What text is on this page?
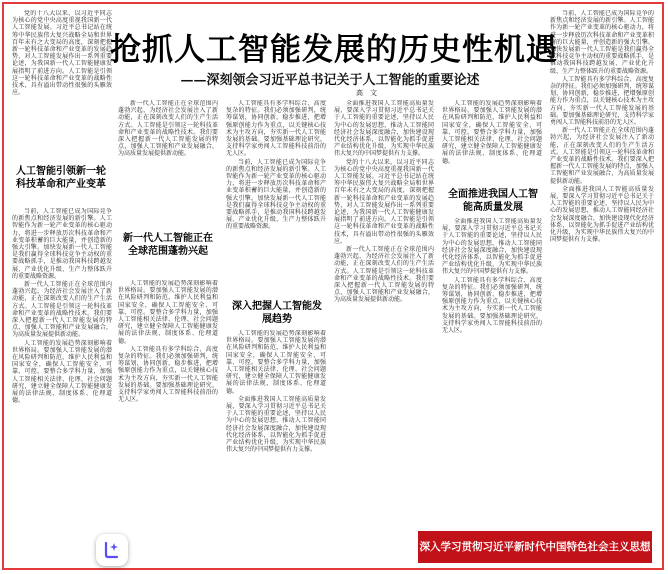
抢抓人工智能发展的历史性机遇
——深刻领会习近平总书记关于人工智能的重要论述
高　文

党的十八大以来，以习近平同志为核心的党中央高度重视我国新一代人工智能发展。习近平总书记站在统筹中华民族伟大复兴战略全局和世界百年未有之大变局的高度，深刻把握新一轮科技革命和产业变革的发展趋势，对人工智能发展作出一系列重要论述，为我国新一代人工智能健康发展指明了前进方向。人工智能是引领这一轮科技革命和产业变革的战略性技术，具有溢出带动性很强的头雁效应。

人工智能引领新一轮科技革命和产业变革

当前，人工智能已成为国际竞争的新焦点和经济发展的新引擎。人工智能作为新一轮产业变革的核心驱动力，将进一步释放历次科技革命和产业变革积蓄的巨大能量，并创造新的强大引擎。加快发展新一代人工智能是我们赢得全球科技竞争主动权的重要战略抓手，是推动我国科技跨越发展、产业优化升级、生产力整体跃升的重要战略资源。

新一代人工智能正在全球范围内蓬勃兴起，为经济社会发展注入了新动能，正在深刻改变人们的生产生活方式。人工智能是引领这一轮科技革命和产业变革的战略性技术。我们要深入把握新一代人工智能发展的特点，加强人工智能和产业发展融合，为高质量发展提供新动能。

人工智能的发展趋势深刻影响着世界格局。要加强人工智能发展的潜在风险研判和防范，维护人民利益和国家安全，确保人工智能安全、可靠、可控。要整合多学科力量，加强人工智能相关法律、伦理、社会问题研究，建立健全保障人工智能健康发展的法律法规、制度体系、伦理道德。

新一代人工智能正在全球范围内蓬勃兴起，为经济社会发展注入了新动能，正在深刻改变人们的生产生活方式。人工智能是引领这一轮科技革命和产业变革的战略性技术。我们要深入把握新一代人工智能发展的特点，加强人工智能和产业发展融合，为高质量发展提供新动能。

新一代人工智能正在全球范围蓬勃兴起

人工智能的发展趋势深刻影响着世界格局。要加强人工智能发展的潜在风险研判和防范，维护人民利益和国家安全，确保人工智能安全、可靠、可控。要整合多学科力量，加强人工智能相关法律、伦理、社会问题研究，建立健全保障人工智能健康发展的法律法规、制度体系、伦理道德。

人工智能具有多学科综合、高度复杂的特征。我们必须加强研判，统筹谋划，协同创新，稳步推进，把增强原创能力作为重点，以关键核心技术为主攻方向，夯实新一代人工智能发展的基础。要加强基础理论研究，支持科学家勇闯人工智能科技前沿的无人区。

人工智能具有多学科综合、高度复杂的特征。我们必须加强研判，统筹谋划，协同创新，稳步推进，把增强原创能力作为重点，以关键核心技术为主攻方向，夯实新一代人工智能发展的基础。要加强基础理论研究，支持科学家勇闯人工智能科技前沿的无人区。

当前，人工智能已成为国际竞争的新焦点和经济发展的新引擎。人工智能作为新一轮产业变革的核心驱动力，将进一步释放历次科技革命和产业变革积蓄的巨大能量，并创造新的强大引擎。加快发展新一代人工智能是我们赢得全球科技竞争主动权的重要战略抓手，是推动我国科技跨越发展、产业优化升级、生产力整体跃升的重要战略资源。

深入把握人工智能发展趋势

人工智能的发展趋势深刻影响着世界格局。要加强人工智能发展的潜在风险研判和防范，维护人民利益和国家安全，确保人工智能安全、可靠、可控。要整合多学科力量，加强人工智能相关法律、伦理、社会问题研究，建立健全保障人工智能健康发展的法律法规、制度体系、伦理道德。

全面推进我国人工智能高质量发展，要深入学习贯彻习近平总书记关于人工智能的重要论述，坚持以人民为中心的发展思想，推动人工智能同经济社会发展深度融合，加快建设现代化经济体系，以智能化为抓手促进产业结构优化升级，为实现中华民族伟大复兴的中国梦提供有力支撑。

全面推进我国人工智能高质量发展，要深入学习贯彻习近平总书记关于人工智能的重要论述，坚持以人民为中心的发展思想，推动人工智能同经济社会发展深度融合，加快建设现代化经济体系，以智能化为抓手促进产业结构优化升级，为实现中华民族伟大复兴的中国梦提供有力支撑。

党的十八大以来，以习近平同志为核心的党中央高度重视我国新一代人工智能发展。习近平总书记站在统筹中华民族伟大复兴战略全局和世界百年未有之大变局的高度，深刻把握新一轮科技革命和产业变革的发展趋势，对人工智能发展作出一系列重要论述，为我国新一代人工智能健康发展指明了前进方向。人工智能是引领这一轮科技革命和产业变革的战略性技术，具有溢出带动性很强的头雁效应。

新一代人工智能正在全球范围内蓬勃兴起，为经济社会发展注入了新动能，正在深刻改变人们的生产生活方式。人工智能是引领这一轮科技革命和产业变革的战略性技术。我们要深入把握新一代人工智能发展的特点，加强人工智能和产业发展融合，为高质量发展提供新动能。

人工智能的发展趋势深刻影响着世界格局。要加强人工智能发展的潜在风险研判和防范，维护人民利益和国家安全，确保人工智能安全、可靠、可控。要整合多学科力量，加强人工智能相关法律、伦理、社会问题研究，建立健全保障人工智能健康发展的法律法规、制度体系、伦理道德。

全面推进我国人工智能高质量发展

全面推进我国人工智能高质量发展，要深入学习贯彻习近平总书记关于人工智能的重要论述，坚持以人民为中心的发展思想，推动人工智能同经济社会发展深度融合，加快建设现代化经济体系，以智能化为抓手促进产业结构优化升级，为实现中华民族伟大复兴的中国梦提供有力支撑。

人工智能具有多学科综合、高度复杂的特征。我们必须加强研判，统筹谋划，协同创新，稳步推进，把增强原创能力作为重点，以关键核心技术为主攻方向，夯实新一代人工智能发展的基础。要加强基础理论研究，支持科学家勇闯人工智能科技前沿的无人区。

当前，人工智能已成为国际竞争的新焦点和经济发展的新引擎。人工智能作为新一轮产业变革的核心驱动力，将进一步释放历次科技革命和产业变革积蓄的巨大能量，并创造新的强大引擎。加快发展新一代人工智能是我们赢得全球科技竞争主动权的重要战略抓手，是推动我国科技跨越发展、产业优化升级、生产力整体跃升的重要战略资源。

人工智能具有多学科综合、高度复杂的特征。我们必须加强研判，统筹谋划，协同创新，稳步推进，把增强原创能力作为重点，以关键核心技术为主攻方向，夯实新一代人工智能发展的基础。要加强基础理论研究，支持科学家勇闯人工智能科技前沿的无人区。

新一代人工智能正在全球范围内蓬勃兴起，为经济社会发展注入了新动能，正在深刻改变人们的生产生活方式。人工智能是引领这一轮科技革命和产业变革的战略性技术。我们要深入把握新一代人工智能发展的特点，加强人工智能和产业发展融合，为高质量发展提供新动能。

全面推进我国人工智能高质量发展，要深入学习贯彻习近平总书记关于人工智能的重要论述，坚持以人民为中心的发展思想，推动人工智能同经济社会发展深度融合，加快建设现代化经济体系，以智能化为抓手促进产业结构优化升级，为实现中华民族伟大复兴的中国梦提供有力支撑。

深入学习贯彻习近平新时代中国特色社会主义思想
